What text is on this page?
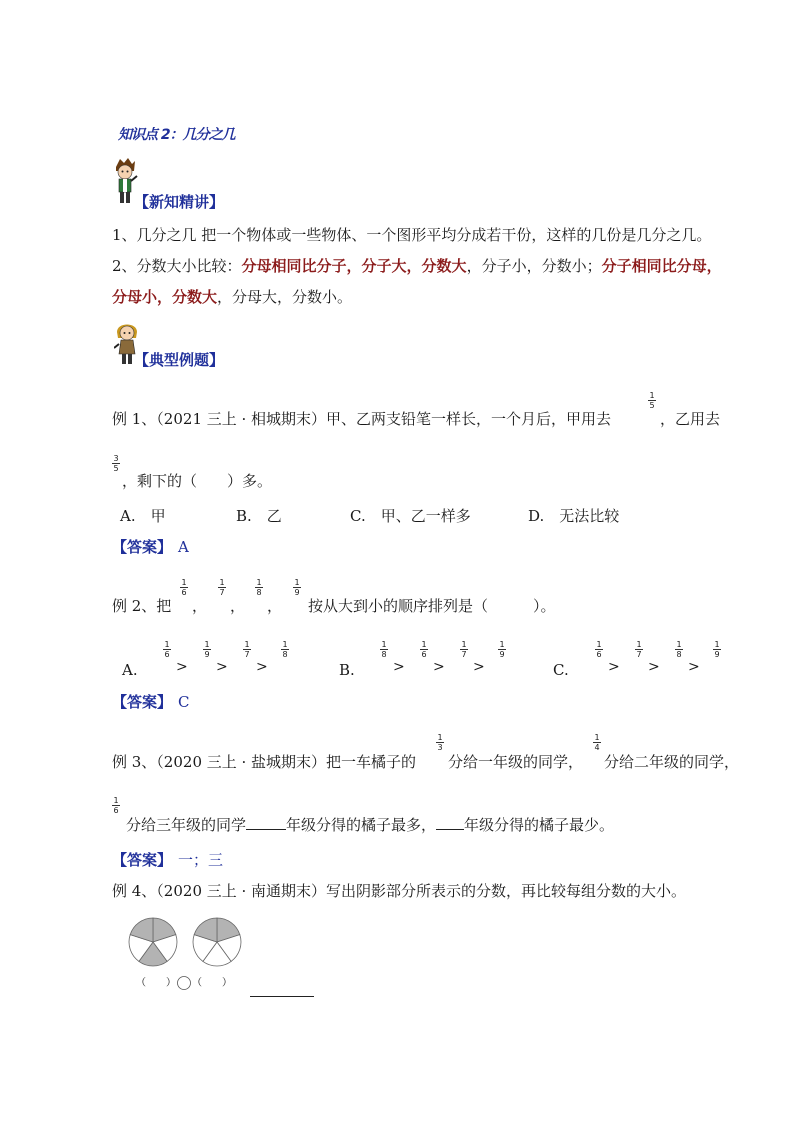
知识点 2：几分之几
【新知精讲】
1、几分之几 把一个物体或一些物体、一个图形平均分成若干份，这样的几份是几分之几。
2、分数大小比较：分母相同比分子，分子大，分数大，分子小，分数小；分子相同比分母，
分母小，分数大，分母大，分数小。
【典型例题】
例 1、（2021 三上 · 相城期末）甲、乙两支铅笔一样长，一个月后，甲用去
1
5
，乙用去
3
5
，剩下的（　　）多。
A.　甲	B.　乙	C.　甲、乙一样多	D.　无法比较
【答案】 A
例 2、把
1
6
，
1
7
，
1
8
，
1
9
按从大到小的顺序排列是（　　　）。
A.	B.	C.
1
6
>
1
9
>
1
7
>
1
8
1
8
>
1
6
>
1
7
>
1
9
1
6
>
1
7
>
1
8
>
1
9
【答案】 C
例 3、（2020 三上 · 盐城期末）把一车橘子的
1
3
分给一年级的同学，
1
4
分给二年级的同学，
1
6
分给三年级的同学	年级分得的橘子最多， 年级分得的橘子最少。
【答案】 一；三
例 4、（2020 三上 · 南通期末）写出阴影部分所表示的分数，再比较每组分数的大小。
（　　） （　　）
